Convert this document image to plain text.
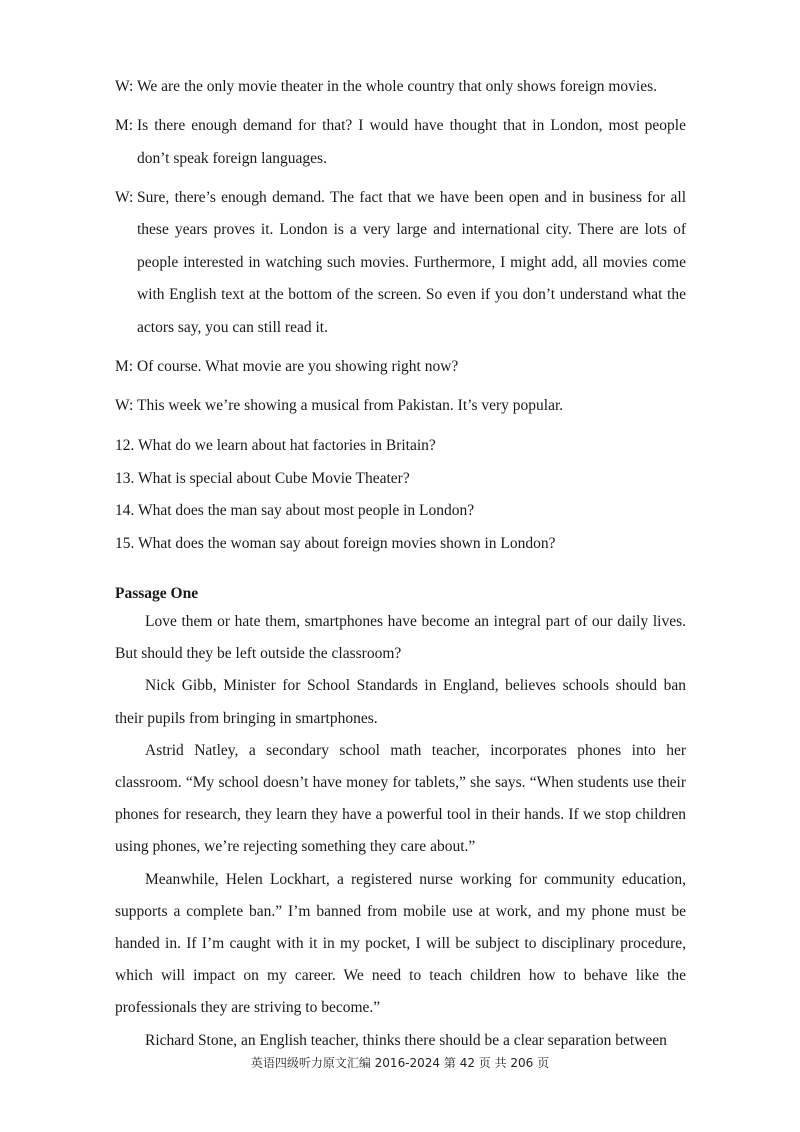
W: We are the only movie theater in the whole country that only shows foreign movies.
M: Is there enough demand for that? I would have thought that in London, most people don’t speak foreign languages.
W: Sure, there’s enough demand. The fact that we have been open and in business for all these years proves it. London is a very large and international city. There are lots of people interested in watching such movies. Furthermore, I might add, all movies come with English text at the bottom of the screen. So even if you don’t understand what the actors say, you can still read it.
M: Of course. What movie are you showing right now?
W: This week we’re showing a musical from Pakistan. It’s very popular.
12. What do we learn about hat factories in Britain?
13. What is special about Cube Movie Theater?
14. What does the man say about most people in London?
15. What does the woman say about foreign movies shown in London?
Passage One

Love them or hate them, smartphones have become an integral part of our daily lives. But should they be left outside the classroom?

Nick Gibb, Minister for School Standards in England, believes schools should ban their pupils from bringing in smartphones.

Astrid Natley, a secondary school math teacher, incorporates phones into her classroom. “My school doesn’t have money for tablets,” she says. “When students use their phones for research, they learn they have a powerful tool in their hands. If we stop children using phones, we’re rejecting something they care about.”

Meanwhile, Helen Lockhart, a registered nurse working for community education, supports a complete ban.” I’m banned from mobile use at work, and my phone must be handed in. If I’m caught with it in my pocket, I will be subject to disciplinary procedure, which will impact on my career. We need to teach children how to behave like the professionals they are striving to become.”

Richard Stone, an English teacher, thinks there should be a clear separation between

英语四级听力原文汇编 2016-2024 第 42 页 共 206 页
